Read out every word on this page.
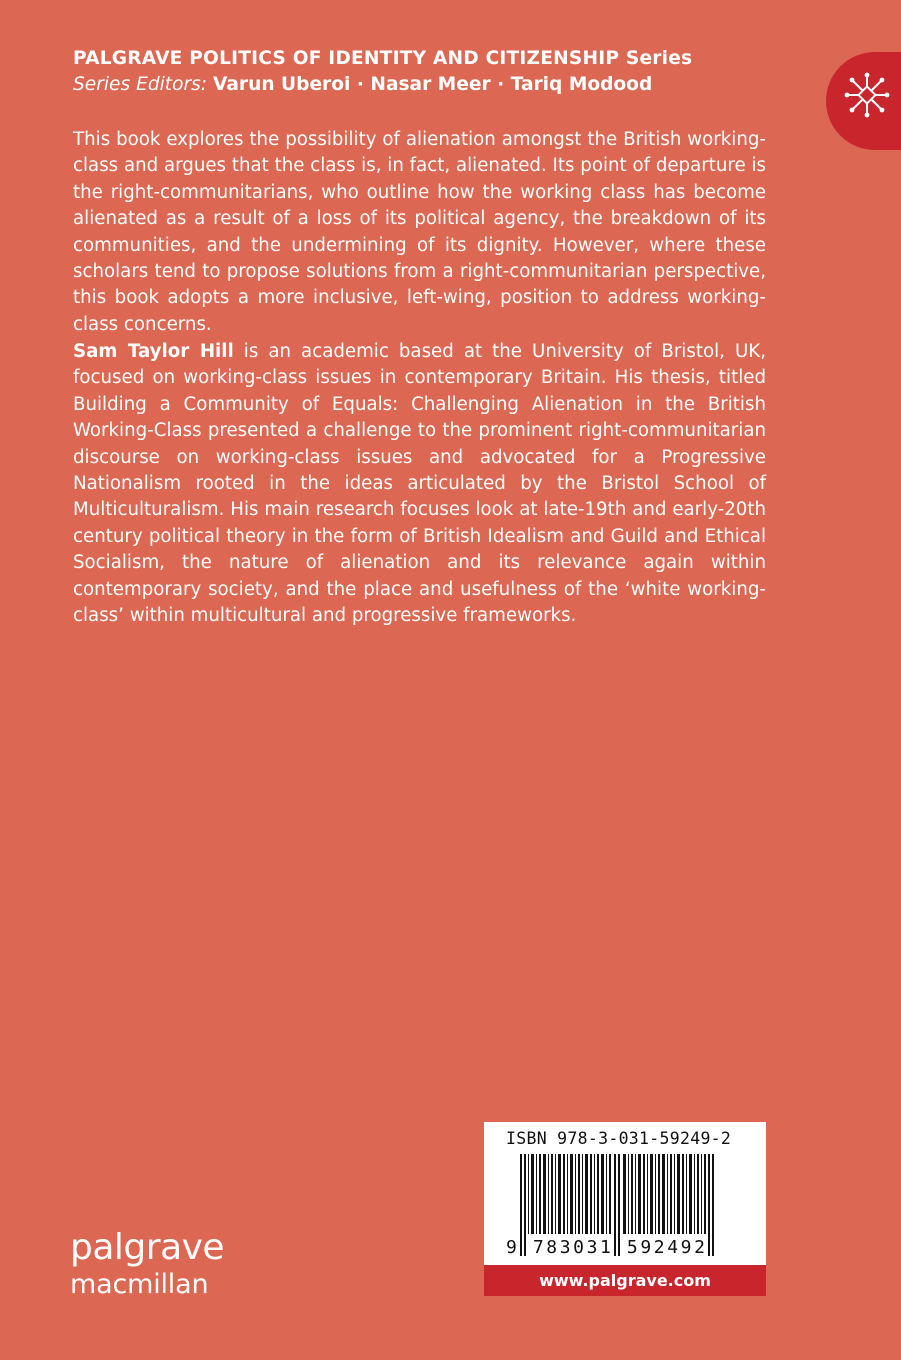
PALGRAVE POLITICS OF IDENTITY AND CITIZENSHIP Series
Series Editors: Varun Uberoi · Nasar Meer · Tariq Modood

This book explores the possibility of alienation amongst the British working-class and argues that the class is, in fact, alienated. Its point of departure is the right-communitarians, who outline how the working class has become alienated as a result of a loss of its political agency, the breakdown of its communities, and the undermining of its dignity. However, where these scholars tend to propose solutions from a right-communitarian perspective, this book adopts a more inclusive, left-wing, position to address working-class concerns.

Sam Taylor Hill is an academic based at the University of Bristol, UK, focused on working-class issues in contemporary Britain. His thesis, titled Building a Community of Equals: Challenging Alienation in the British Working-Class presented a challenge to the prominent right-communitarian discourse on working-class issues and advocated for a Progressive Nationalism rooted in the ideas articulated by the Bristol School of Multiculturalism. His main research focuses look at late-19th and early-20th century political theory in the form of British Idealism and Guild and Ethical Socialism, the nature of alienation and its relevance again within contemporary society, and the place and usefulness of the ‘white working-class’ within multicultural and progressive frameworks.

ISBN 978-3-031-59249-2
9 783031 592492
www.palgrave.com
palgrave
macmillan
